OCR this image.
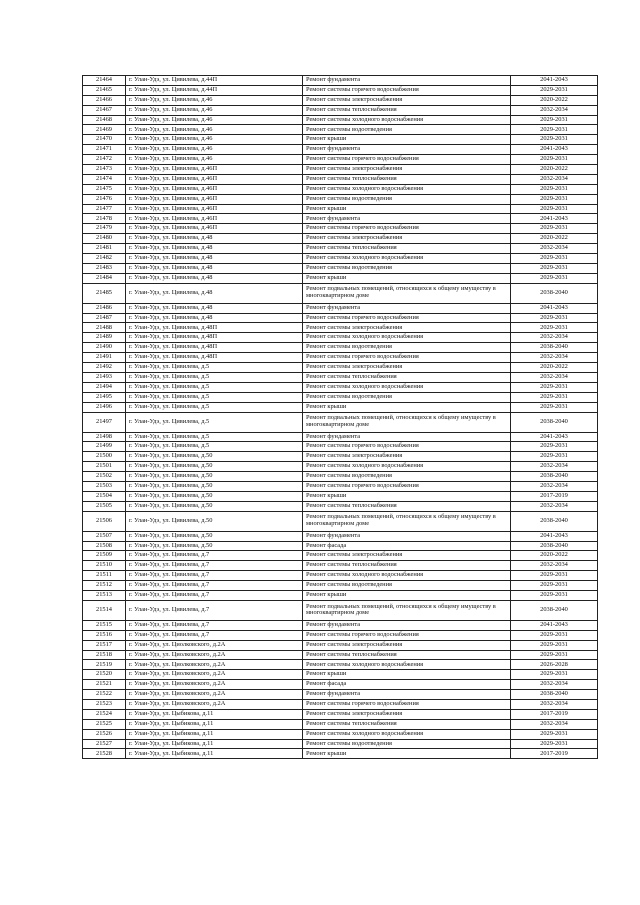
21464	г. Улан-Удэ, ул. Цивилева, д.44П	Ремонт фундамента	2041-2043
21465	г. Улан-Удэ, ул. Цивилева, д.44П	Ремонт системы горячего водоснабжения	2029-2031
21466	г. Улан-Удэ, ул. Цивилева, д.46	Ремонт системы электроснабжения	2020-2022
21467	г. Улан-Удэ, ул. Цивилева, д.46	Ремонт системы теплоснабжения	2032-2034
21468	г. Улан-Удэ, ул. Цивилева, д.46	Ремонт системы холодного водоснабжения	2029-2031
21469	г. Улан-Удэ, ул. Цивилева, д.46	Ремонт системы водоотведения	2029-2031
21470	г. Улан-Удэ, ул. Цивилева, д.46	Ремонт крыши	2029-2031
21471	г. Улан-Удэ, ул. Цивилева, д.46	Ремонт фундамента	2041-2043
21472	г. Улан-Удэ, ул. Цивилева, д.46	Ремонт системы горячего водоснабжения	2029-2031
21473	г. Улан-Удэ, ул. Цивилева, д.46П	Ремонт системы электроснабжения	2020-2022
21474	г. Улан-Удэ, ул. Цивилева, д.46П	Ремонт системы теплоснабжения	2032-2034
21475	г. Улан-Удэ, ул. Цивилева, д.46П	Ремонт системы холодного водоснабжения	2029-2031
21476	г. Улан-Удэ, ул. Цивилева, д.46П	Ремонт системы водоотведения	2029-2031
21477	г. Улан-Удэ, ул. Цивилева, д.46П	Ремонт крыши	2029-2031
21478	г. Улан-Удэ, ул. Цивилева, д.46П	Ремонт фундамента	2041-2043
21479	г. Улан-Удэ, ул. Цивилева, д.46П	Ремонт системы горячего водоснабжения	2029-2031
21480	г. Улан-Удэ, ул. Цивилева, д.48	Ремонт системы электроснабжения	2020-2022
21481	г. Улан-Удэ, ул. Цивилева, д.48	Ремонт системы теплоснабжения	2032-2034
21482	г. Улан-Удэ, ул. Цивилева, д.48	Ремонт системы холодного водоснабжения	2029-2031
21483	г. Улан-Удэ, ул. Цивилева, д.48	Ремонт системы водоотведения	2029-2031
21484	г. Улан-Удэ, ул. Цивилева, д.48	Ремонт крыши	2029-2031
21485	г. Улан-Удэ, ул. Цивилева, д.48	Ремонт подвальных помещений, относящихся к общему имуществу в многоквартирном доме	2038-2040
21486	г. Улан-Удэ, ул. Цивилева, д.48	Ремонт фундамента	2041-2043
21487	г. Улан-Удэ, ул. Цивилева, д.48	Ремонт системы горячего водоснабжения	2029-2031
21488	г. Улан-Удэ, ул. Цивилева, д.48П	Ремонт системы электроснабжения	2029-2031
21489	г. Улан-Удэ, ул. Цивилева, д.48П	Ремонт системы холодного водоснабжения	2032-2034
21490	г. Улан-Удэ, ул. Цивилева, д.48П	Ремонт системы водоотведения	2038-2040
21491	г. Улан-Удэ, ул. Цивилева, д.48П	Ремонт системы горячего водоснабжения	2032-2034
21492	г. Улан-Удэ, ул. Цивилева, д.5	Ремонт системы электроснабжения	2020-2022
21493	г. Улан-Удэ, ул. Цивилева, д.5	Ремонт системы теплоснабжения	2032-2034
21494	г. Улан-Удэ, ул. Цивилева, д.5	Ремонт системы холодного водоснабжения	2029-2031
21495	г. Улан-Удэ, ул. Цивилева, д.5	Ремонт системы водоотведения	2029-2031
21496	г. Улан-Удэ, ул. Цивилева, д.5	Ремонт крыши	2029-2031
21497	г. Улан-Удэ, ул. Цивилева, д.5	Ремонт подвальных помещений, относящихся к общему имуществу в многоквартирном доме	2038-2040
21498	г. Улан-Удэ, ул. Цивилева, д.5	Ремонт фундамента	2041-2043
21499	г. Улан-Удэ, ул. Цивилева, д.5	Ремонт системы горячего водоснабжения	2029-2031
21500	г. Улан-Удэ, ул. Цивилева, д.50	Ремонт системы электроснабжения	2029-2031
21501	г. Улан-Удэ, ул. Цивилева, д.50	Ремонт системы холодного водоснабжения	2032-2034
21502	г. Улан-Удэ, ул. Цивилева, д.50	Ремонт системы водоотведения	2038-2040
21503	г. Улан-Удэ, ул. Цивилева, д.50	Ремонт системы горячего водоснабжения	2032-2034
21504	г. Улан-Удэ, ул. Цивилева, д.50	Ремонт крыши	2017-2019
21505	г. Улан-Удэ, ул. Цивилева, д.50	Ремонт системы теплоснабжения	2032-2034
21506	г. Улан-Удэ, ул. Цивилева, д.50	Ремонт подвальных помещений, относящихся к общему имуществу в многоквартирном доме	2038-2040
21507	г. Улан-Удэ, ул. Цивилева, д.50	Ремонт фундамента	2041-2043
21508	г. Улан-Удэ, ул. Цивилева, д.50	Ремонт фасада	2038-2040
21509	г. Улан-Удэ, ул. Цивилева, д.7	Ремонт системы электроснабжения	2020-2022
21510	г. Улан-Удэ, ул. Цивилева, д.7	Ремонт системы теплоснабжения	2032-2034
21511	г. Улан-Удэ, ул. Цивилева, д.7	Ремонт системы холодного водоснабжения	2029-2031
21512	г. Улан-Удэ, ул. Цивилева, д.7	Ремонт системы водоотведения	2029-2031
21513	г. Улан-Удэ, ул. Цивилева, д.7	Ремонт крыши	2029-2031
21514	г. Улан-Удэ, ул. Цивилева, д.7	Ремонт подвальных помещений, относящихся к общему имуществу в многоквартирном доме	2038-2040
21515	г. Улан-Удэ, ул. Цивилева, д.7	Ремонт фундамента	2041-2043
21516	г. Улан-Удэ, ул. Цивилева, д.7	Ремонт системы горячего водоснабжения	2029-2031
21517	г. Улан-Удэ, ул. Циолковского, д.2А	Ремонт системы электроснабжения	2029-2031
21518	г. Улан-Удэ, ул. Циолковского, д.2А	Ремонт системы теплоснабжения	2029-2031
21519	г. Улан-Удэ, ул. Циолковского, д.2А	Ремонт системы холодного водоснабжения	2026-2028
21520	г. Улан-Удэ, ул. Циолковского, д.2А	Ремонт крыши	2029-2031
21521	г. Улан-Удэ, ул. Циолковского, д.2А	Ремонт фасада	2032-2034
21522	г. Улан-Удэ, ул. Циолковского, д.2А	Ремонт фундамента	2038-2040
21523	г. Улан-Удэ, ул. Циолковского, д.2А	Ремонт системы горячего водоснабжения	2032-2034
21524	г. Улан-Удэ, ул. Цыбикова, д.11	Ремонт системы электроснабжения	2017-2019
21525	г. Улан-Удэ, ул. Цыбикова, д.11	Ремонт системы теплоснабжения	2032-2034
21526	г. Улан-Удэ, ул. Цыбикова, д.11	Ремонт системы холодного водоснабжения	2029-2031
21527	г. Улан-Удэ, ул. Цыбикова, д.11	Ремонт системы водоотведения	2029-2031
21528	г. Улан-Удэ, ул. Цыбикова, д.11	Ремонт крыши	2017-2019
